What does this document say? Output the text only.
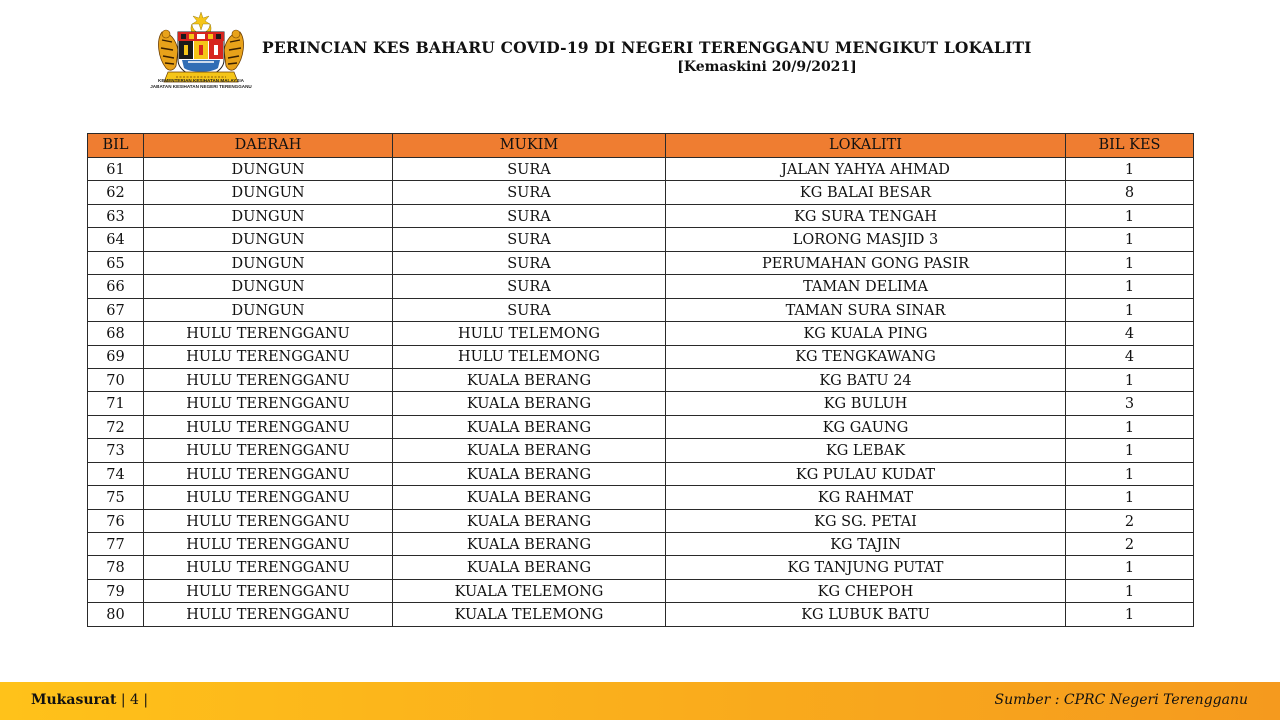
KEMENTERIAN KESIHATAN MALAYSIA
JABATAN KESIHATAN NEGERI TERENGGANU
PERINCIAN KES BAHARU COVID-19 DI NEGERI TERENGGANU MENGIKUT LOKALITI
[Kemaskini 20/9/2021]
BIL	DAERAH	MUKIM	LOKALITI	BIL KES
61	DUNGUN	SURA	JALAN YAHYA AHMAD	1
62	DUNGUN	SURA	KG BALAI BESAR	8
63	DUNGUN	SURA	KG SURA TENGAH	1
64	DUNGUN	SURA	LORONG MASJID 3	1
65	DUNGUN	SURA	PERUMAHAN GONG PASIR	1
66	DUNGUN	SURA	TAMAN DELIMA	1
67	DUNGUN	SURA	TAMAN SURA SINAR	1
68	HULU TERENGGANU	HULU TELEMONG	KG KUALA PING	4
69	HULU TERENGGANU	HULU TELEMONG	KG TENGKAWANG	4
70	HULU TERENGGANU	KUALA BERANG	KG BATU 24	1
71	HULU TERENGGANU	KUALA BERANG	KG BULUH	3
72	HULU TERENGGANU	KUALA BERANG	KG GAUNG	1
73	HULU TERENGGANU	KUALA BERANG	KG LEBAK	1
74	HULU TERENGGANU	KUALA BERANG	KG PULAU KUDAT	1
75	HULU TERENGGANU	KUALA BERANG	KG RAHMAT	1
76	HULU TERENGGANU	KUALA BERANG	KG SG. PETAI	2
77	HULU TERENGGANU	KUALA BERANG	KG TAJIN	2
78	HULU TERENGGANU	KUALA BERANG	KG TANJUNG PUTAT	1
79	HULU TERENGGANU	KUALA TELEMONG	KG CHEPOH	1
80	HULU TERENGGANU	KUALA TELEMONG	KG LUBUK BATU	1
Mukasurat | 4 |	Sumber : CPRC Negeri Terengganu
